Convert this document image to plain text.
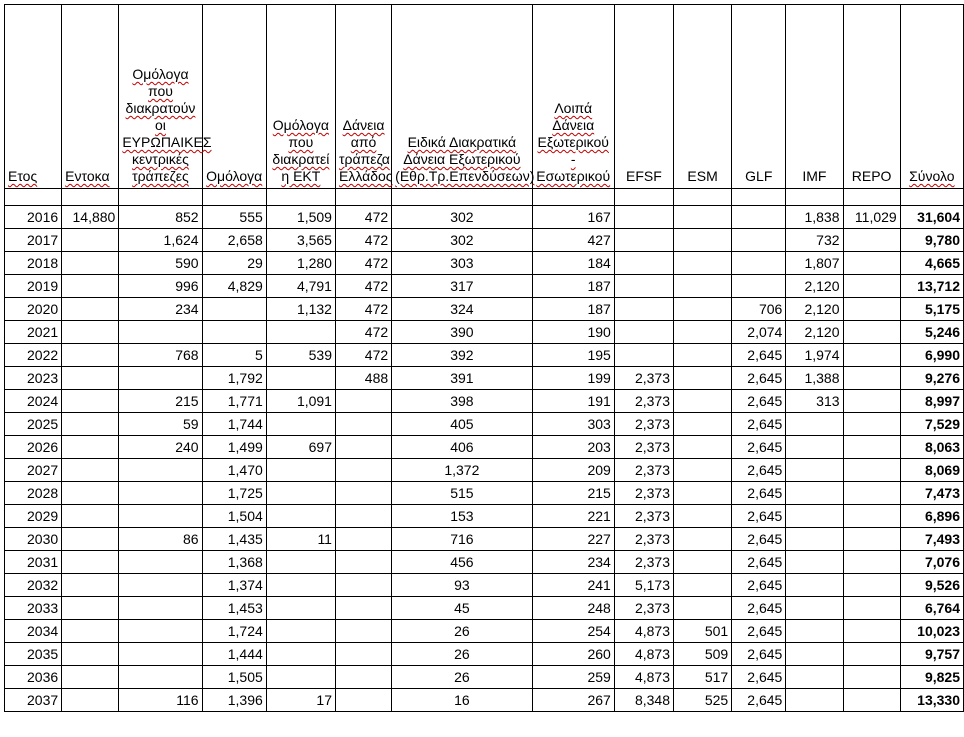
Ετος	Εντοκα	Ομόλογα που διακρατούν οι ΕΥΡΩΠΑΙΚΕΣ κεντρικές τράπεζες	Ομόλογα	Ομόλογα που διακρατεί η ΕΚΤ	Δάνεια από τράπεζα Ελλάδος	Ειδικά Διακρατικά Δάνεια Εξωτερικού (Εθρ.Τρ.Επενδύσεων)	Λοιπά Δάνεια Εξωτερικού - Εσωτερικού	EFSF	ESM	GLF	IMF	REPO	Σύνολο

2016	14,880	852	555	1,509	472	302	167				1,838	11,029	31,604
2017		1,624	2,658	3,565	472	302	427				732		9,780
2018		590	29	1,280	472	303	184				1,807		4,665
2019		996	4,829	4,791	472	317	187				2,120		13,712
2020		234		1,132	472	324	187			706	2,120		5,175
2021					472	390	190			2,074	2,120		5,246
2022		768	5	539	472	392	195			2,645	1,974		6,990
2023			1,792		488	391	199	2,373		2,645	1,388		9,276
2024		215	1,771	1,091		398	191	2,373		2,645	313		8,997
2025		59	1,744			405	303	2,373		2,645			7,529
2026		240	1,499	697		406	203	2,373		2,645			8,063
2027			1,470			1,372	209	2,373		2,645			8,069
2028			1,725			515	215	2,373		2,645			7,473
2029			1,504			153	221	2,373		2,645			6,896
2030		86	1,435	11		716	227	2,373		2,645			7,493
2031			1,368			456	234	2,373		2,645			7,076
2032			1,374			93	241	5,173		2,645			9,526
2033			1,453			45	248	2,373		2,645			6,764
2034			1,724			26	254	4,873	501	2,645			10,023
2035			1,444			26	260	4,873	509	2,645			9,757
2036			1,505			26	259	4,873	517	2,645			9,825
2037		116	1,396	17		16	267	8,348	525	2,645			13,330
